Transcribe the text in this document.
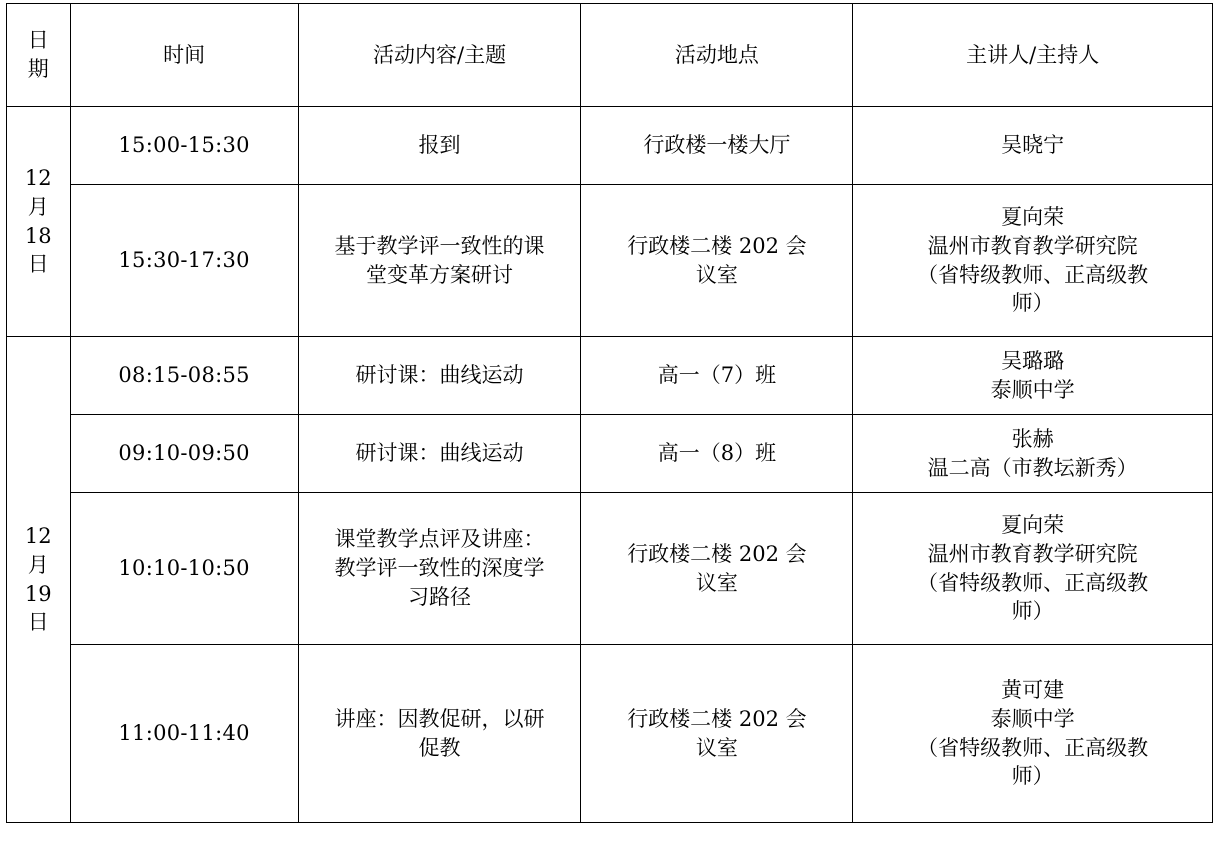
日　期	时间	活动内容/主题	活动地点	主讲人/主持人

12
月
18
日	15:00-15:30	报到	行政楼一楼大厅	吴晓宁

	15:30-17:30	基于教学评一致性的课
堂变革方案研讨	行政楼二楼 202 会
议室	夏向荣
温州市教育教学研究院
（省特级教师、正高级教
师）

12
月
19
日	08:15-08:55	研讨课：曲线运动	高一（7）班	吴璐璐
泰顺中学

	09:10-09:50	研讨课：曲线运动	高一（8）班	张赫
温二高（市教坛新秀）

	10:10-10:50	课堂教学点评及讲座：
教学评一致性的深度学
习路径	行政楼二楼 202 会
议室	夏向荣
温州市教育教学研究院
（省特级教师、正高级教
师）

	11:00-11:40	讲座：因教促研，以研
促教	行政楼二楼 202 会
议室	黄可建
泰顺中学
（省特级教师、正高级教
师）
